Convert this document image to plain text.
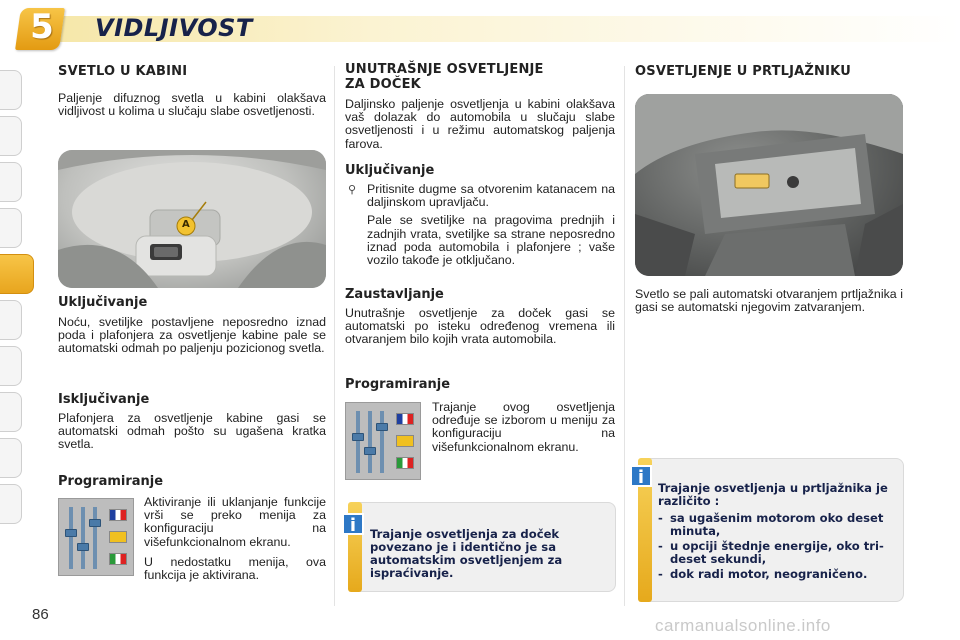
5 VIDLJIVOST
SVETLO U KABINI

Paljenje difuznog svetla u kabini olakšava vidljivost u kolima u slučaju slabe osvetljenosti.

A
Uključivanje

Noću, svetiljke postavljene neposredno iznad poda i plafonjera za osvetljenje kabine pale se automatski odmah po paljenju pozicionog svetla.

Isključivanje

Plafonjera za osvetljenje kabine gasi se automatski odmah pošto su ugašena kratka svetla.

Programiranje

Aktiviranje ili uklanjanje funkcije vrši se preko menija za konfiguraciju na višefunkcionalnom ekranu.

U nedostatku menija, ova funkcija je aktivirana.

UNUTRAŠNJE OSVETLJENJE
ZA DOČEK

Daljinsko paljenje osvetljenja u kabini olakšava vaš dolazak do automobila u slučaju slabe osvetljenosti i u režimu automatskog paljenja farova.

Uključivanje
⚲ Pritisnite dugme sa otvorenim katanacem na daljinskom upravljaču.

Pale se svetiljke na pragovima prednjih i zadnjih vrata, svetiljke sa strane neposredno iznad poda automobila i plafonjere ; vaše vozilo takođe je otključano.

Zaustavljanje

Unutrašnje osvetljenje za doček gasi se automatski po isteku određenog vremena ili otvaranjem bilo kojih vrata automobila.

Programiranje

Trajanje ovog osvetljenja određuje se izborom u meniju za konfiguraciju na višefunkcionalnom ekranu.

i	Trajanje osvetljenja za doček povezano je i identično je sa automatskim osvetljenjem za ispraćivanje.
OSVETLJENJE U PRTLJAŽNIKU

Svetlo se pali automatski otvaranjem prtljažnika i gasi se automatski njegovim zatvaranjem.

i	Trajanje osvetljenja u prtljažnika je različito :
- sa ugašenim motorom oko deset minuta,
- u opciji štednje energije, oko tri-deset sekundi,
- dok radi motor, neograničeno.
86
carmanualsonline.info
